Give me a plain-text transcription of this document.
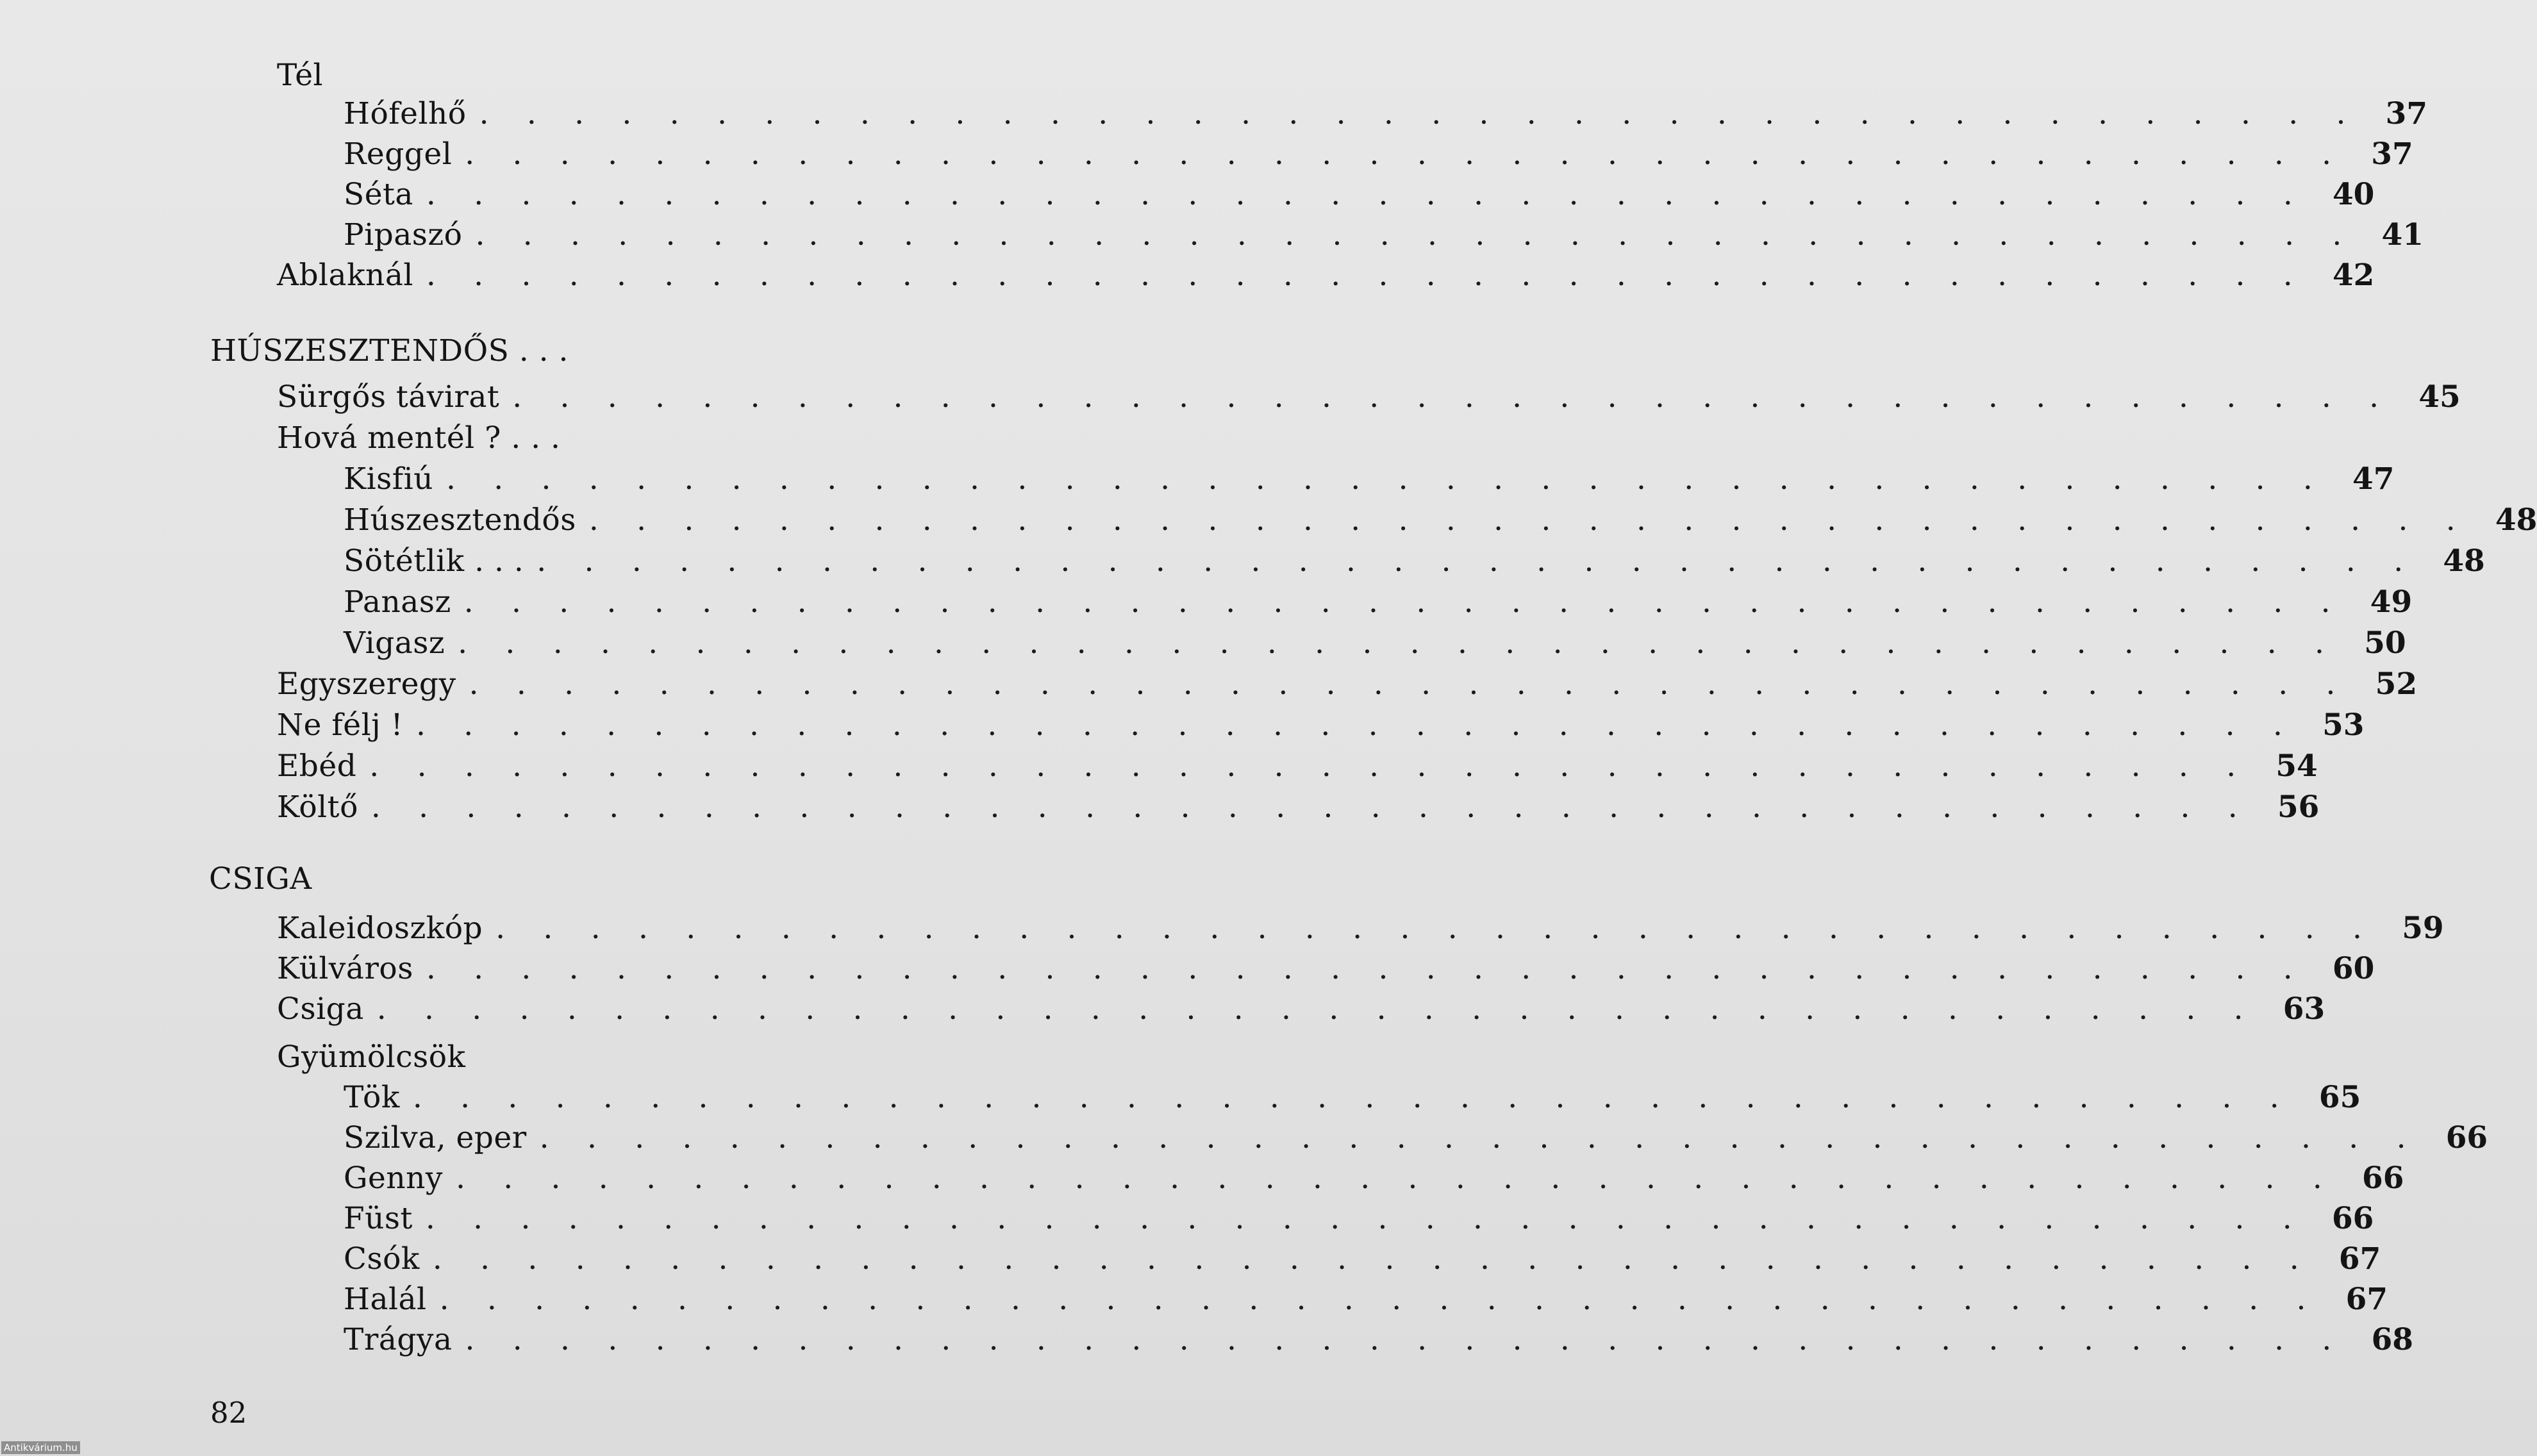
Tél
Hófelhő . . . . . . . . . . . . . . . . . . . . . . . . . . . . . . . . . . . . . . . . 37
Reggel . . . . . . . . . . . . . . . . . . . . . . . . . . . . . . . . . . . . . . . . 37
Séta . . . . . . . . . . . . . . . . . . . . . . . . . . . . . . . . . . . . . . . . 40
Pipaszó . . . . . . . . . . . . . . . . . . . . . . . . . . . . . . . . . . . . . . . . 41
Ablaknál . . . . . . . . . . . . . . . . . . . . . . . . . . . . . . . . . . . . . . . . 42
HÚSZESZTENDŐS . . .
Sürgős távirat . . . . . . . . . . . . . . . . . . . . . . . . . . . . . . . . . . . . . . . . 45
Hová mentél ? . . .
Kisfiú . . . . . . . . . . . . . . . . . . . . . . . . . . . . . . . . . . . . . . . . 47
Húszesztendős . . . . . . . . . . . . . . . . . . . . . . . . . . . . . . . . . . . . . . . . 48
Sötétlik . . . . . . . . . . . . . . . . . . . . . . . . . . . . . . . . . . . . . . . . . . . 48
Panasz . . . . . . . . . . . . . . . . . . . . . . . . . . . . . . . . . . . . . . . . 49
Vigasz . . . . . . . . . . . . . . . . . . . . . . . . . . . . . . . . . . . . . . . . 50
Egyszeregy . . . . . . . . . . . . . . . . . . . . . . . . . . . . . . . . . . . . . . . . 52
Ne félj ! . . . . . . . . . . . . . . . . . . . . . . . . . . . . . . . . . . . . . . . . 53
Ebéd . . . . . . . . . . . . . . . . . . . . . . . . . . . . . . . . . . . . . . . . 54
Költő . . . . . . . . . . . . . . . . . . . . . . . . . . . . . . . . . . . . . . . . 56
CSIGA
Kaleidoszkóp . . . . . . . . . . . . . . . . . . . . . . . . . . . . . . . . . . . . . . . . 59
Külváros . . . . . . . . . . . . . . . . . . . . . . . . . . . . . . . . . . . . . . . . 60
Csiga . . . . . . . . . . . . . . . . . . . . . . . . . . . . . . . . . . . . . . . . 63
Gyümölcsök
Tök . . . . . . . . . . . . . . . . . . . . . . . . . . . . . . . . . . . . . . . . 65
Szilva, eper . . . . . . . . . . . . . . . . . . . . . . . . . . . . . . . . . . . . . . . . 66
Genny . . . . . . . . . . . . . . . . . . . . . . . . . . . . . . . . . . . . . . . . 66
Füst . . . . . . . . . . . . . . . . . . . . . . . . . . . . . . . . . . . . . . . . 66
Csók . . . . . . . . . . . . . . . . . . . . . . . . . . . . . . . . . . . . . . . . 67
Halál . . . . . . . . . . . . . . . . . . . . . . . . . . . . . . . . . . . . . . . . 67
Trágya . . . . . . . . . . . . . . . . . . . . . . . . . . . . . . . . . . . . . . . . 68
82
Antikvárium.hu
